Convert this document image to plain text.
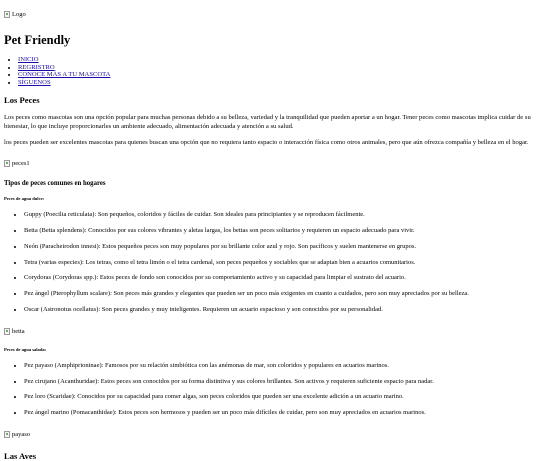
Logo
Pet Friendly
• INICIO
• REGRISTRO
• CONOCE MÁS A TU MASCOTA
• SÍGUENOS
Los Peces

Los peces como mascotas son una opción popular para muchas personas debido a su belleza, variedad y la tranquilidad que pueden aportar a un hogar. Tener peces como mascotas implica cuidar de su bienestar, lo que incluye proporcionarles un ambiente adecuado, alimentación adecuada y atención a su salud.

los peces pueden ser excelentes mascotas para quienes buscan una opción que no requiera tanto espacio o interacción física como otros animales, pero que aún ofrezca compañía y belleza en el hogar.

peces1
Tipos de peces comunes en hogares
Peces de agua dulce:
• Guppy (Poecilia reticulata): Son pequeños, coloridos y fáciles de cuidar. Son ideales para principiantes y se reproducen fácilmente.
• Betta (Betta splendens): Conocidos por sus colores vibrantes y aletas largas, los bettas son peces solitarios y requieren un espacio adecuado para vivir.
• Neón (Paracheirodon innesi): Estos pequeños peces son muy populares por su brillante color azul y rojo. Son pacíficos y suelen mantenerse en grupos.
• Tetra (varias especies): Los tetras, como el tetra limón o el tetra cardenal, son peces pequeños y sociables que se adaptan bien a acuarios comunitarios.
• Corydoras (Corydoras spp.): Estos peces de fondo son conocidos por su comportamiento activo y su capacidad para limpiar el sustrato del acuario.
• Pez ángel (Pterophyllum scalare): Son peces más grandes y elegantes que pueden ser un poco más exigentes en cuanto a cuidados, pero son muy apreciados por su belleza.
• Oscar (Astronotus ocellatus): Son peces grandes y muy inteligentes. Requieren un acuario espacioso y son conocidos por su personalidad.
betta
Peces de agua salada:
• Pez payaso (Amphiprioninae): Famosos por su relación simbiótica con las anémonas de mar, son coloridos y populares en acuarios marinos.
• Pez cirujano (Acanthuridae): Estos peces son conocidos por su forma distintiva y sus colores brillantes. Son activos y requieren suficiente espacio para nadar.
• Pez loro (Scaridae): Conocidos por su capacidad para comer algas, son peces coloridos que pueden ser una excelente adición a un acuario marino.
• Pez ángel marino (Pomacanthidae): Estos peces son hermosos y pueden ser un poco más difíciles de cuidar, pero son muy apreciados en acuarios marinos.
payaso
Las Aves
